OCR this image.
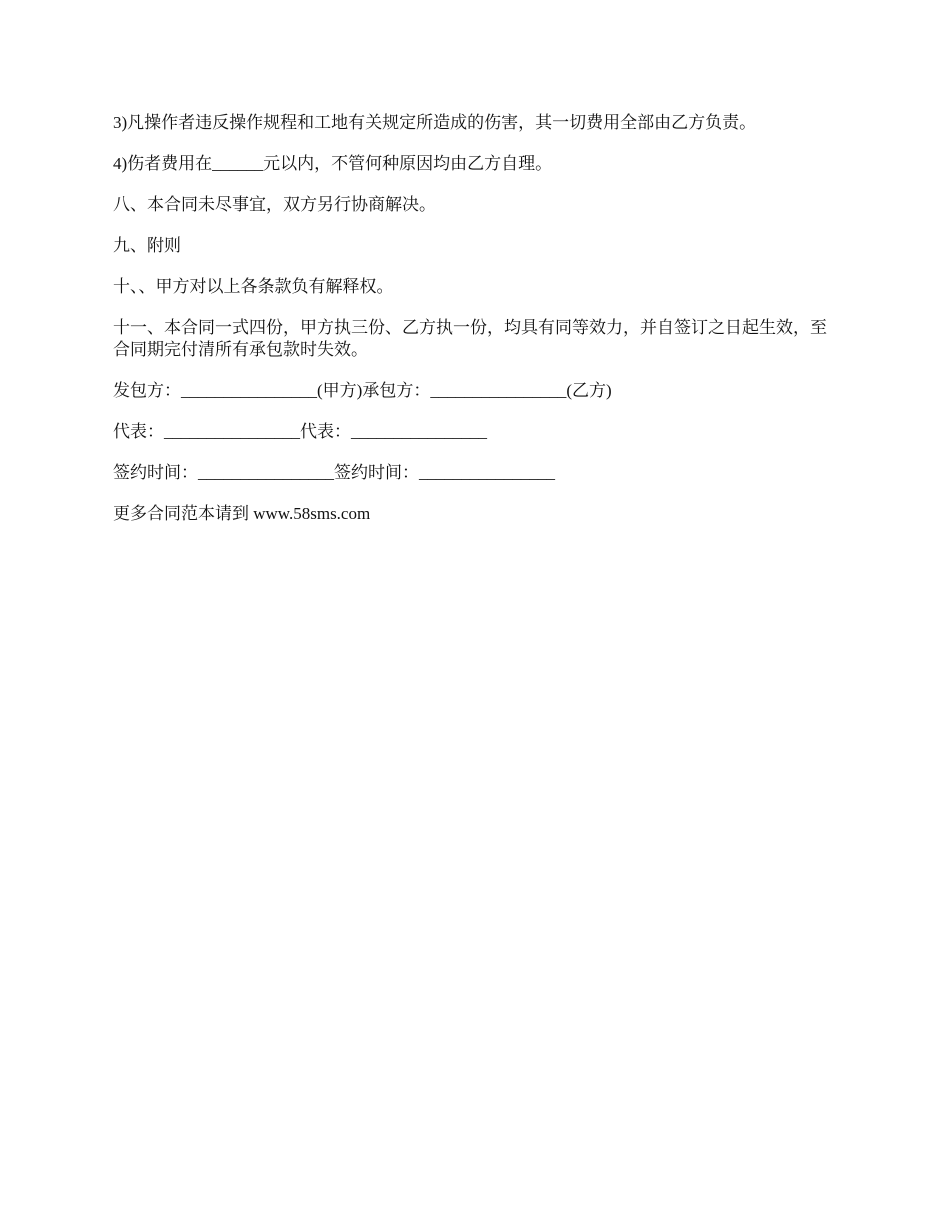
3)凡操作者违反操作规程和工地有关规定所造成的伤害，其一切费用全部由乙方负责。

4)伤者费用在______元以内，不管何种原因均由乙方自理。

八、本合同未尽事宜，双方另行协商解决。

九、附则

十、、甲方对以上各条款负有解释权。

十一、本合同一式四份，甲方执三份、乙方执一份，均具有同等效力，并自签订之日起生效，至合同期完付清所有承包款时失效。

发包方：________________(甲方)承包方：________________(乙方)

代表：________________代表：________________

签约时间：________________签约时间：________________

更多合同范本请到 www.58sms.com
